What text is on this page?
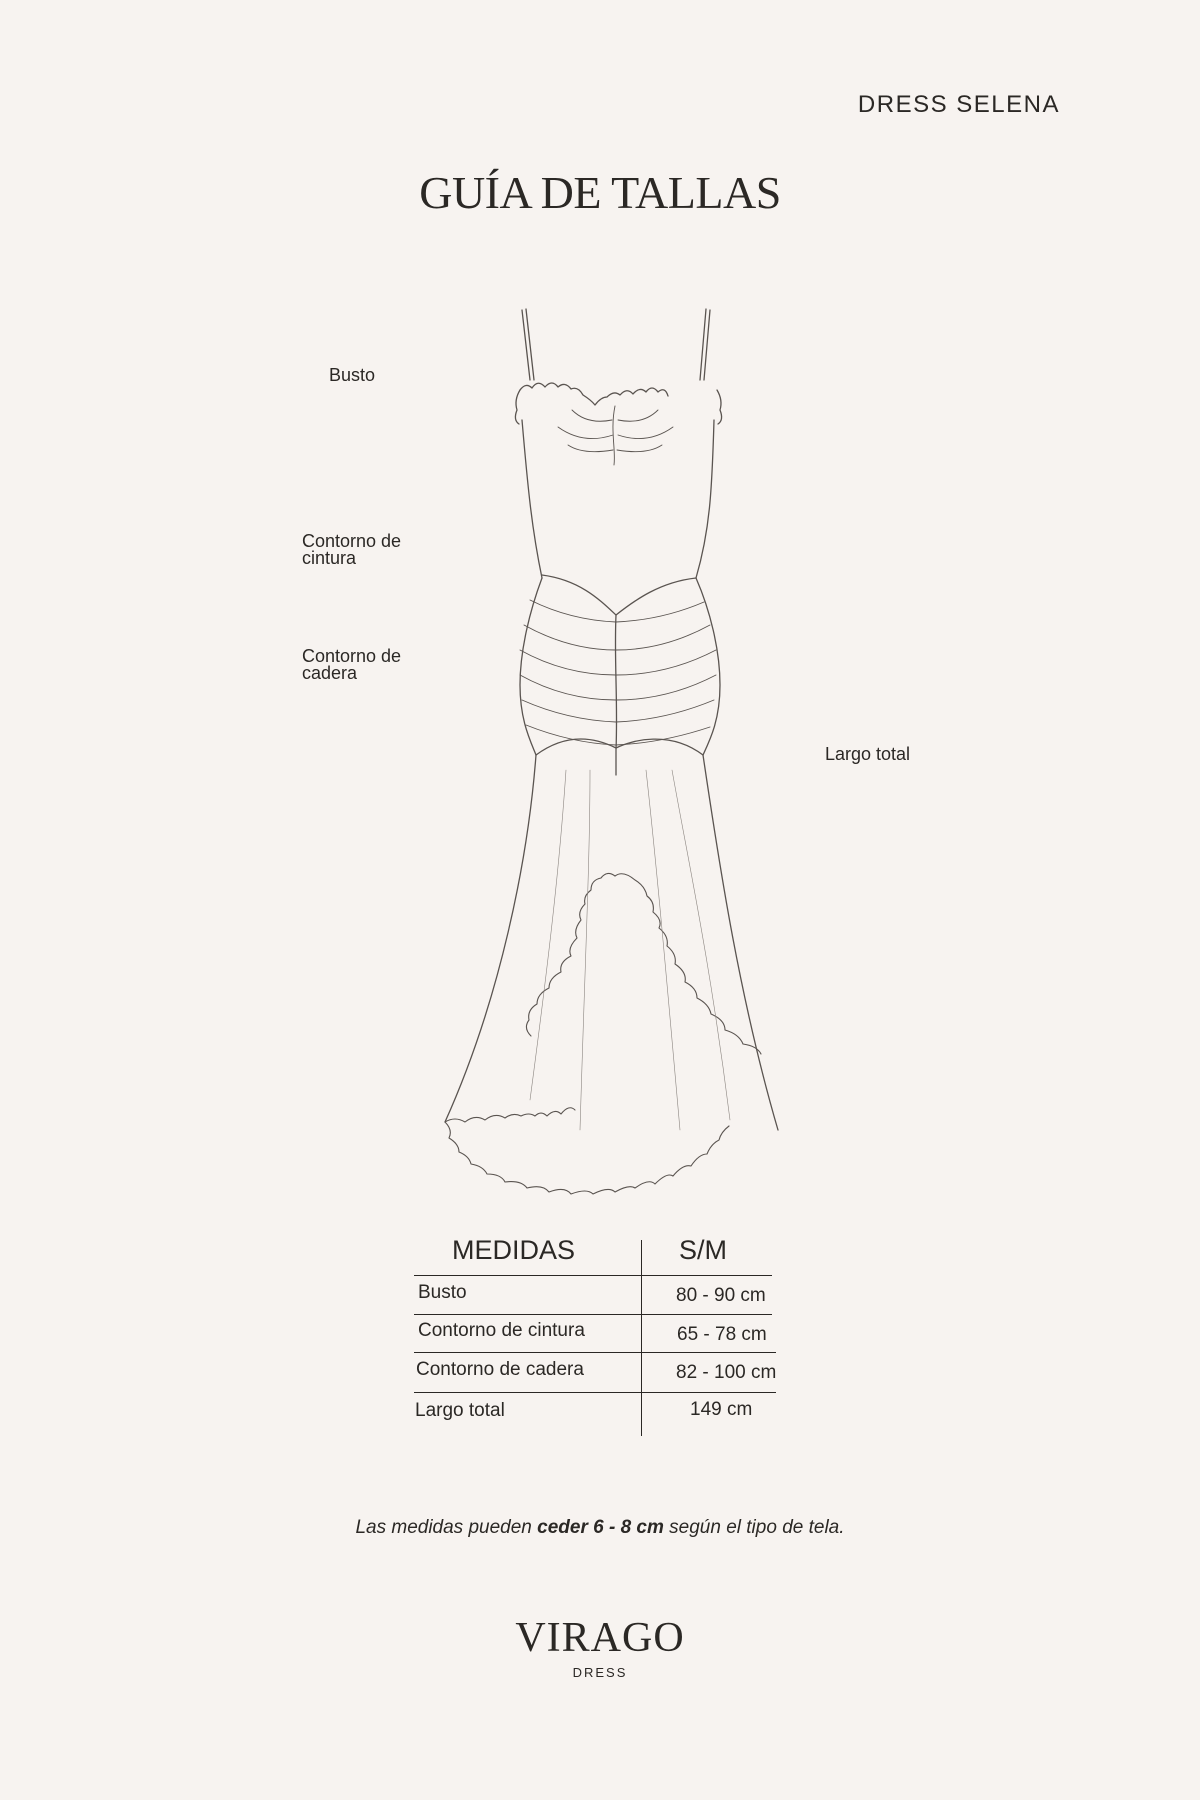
DRESS SELENA
GUÍA DE TALLAS
Busto
Contorno de
cintura
Contorno de
cadera
Largo total
MEDIDAS	S/M
Busto	80 - 90 cm
Contorno de cintura	65 - 78 cm
Contorno de cadera	82 - 100 cm
Largo total	149 cm
Las medidas pueden ceder 6 - 8 cm según el tipo de tela.
VIRAGO
DRESS
